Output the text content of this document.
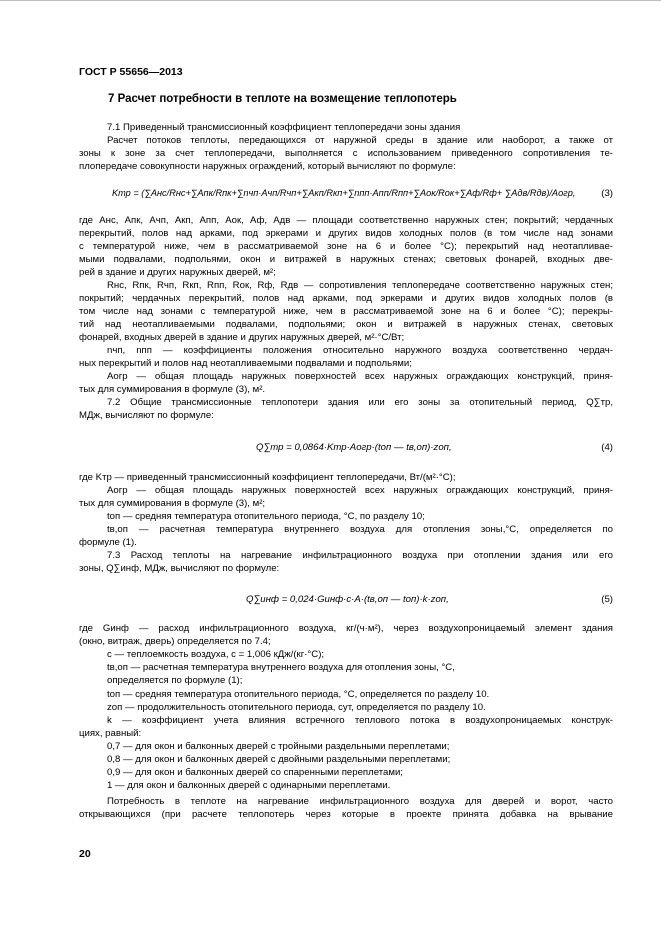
ГОСТ Р 55656—2013
7 Расчет потребности в теплоте на возмещение теплопотерь
7.1 Приведенный трансмиссионный коэффициент теплопередачи зоны здания
Расчет потоков теплоты, передающихся от наружной среды в здание или наоборот, а также от
зоны к зоне за счет теплопередачи, выполняется с использованием приведенного сопротивления те-
плопередаче совокупности наружных ограждений, который вычисляют по формуле:
Kтр = (∑Aнс/Rнс+∑Aпк/Rпк+∑nчп·Aчп/Rчп+∑Aкп/Rкп+∑nпп·Aпп/Rпп+∑Aок/Rок+∑Aф/Rф+ ∑Aдв/Rдв)/Aогр,	(3)
где Aнс, Aпк, Aчп, Aкп, Aпп, Aок, Aф, Aдв — площади соответственно наружных стен; покрытий; чердачных
перекрытий, полов над арками, под эркерами и других видов холодных полов (в том числе над зонами
с температурой ниже, чем в рассматриваемой зоне на 6 и более °С); перекрытий над неотапливае-
мыми подвалами, подпольями, окон и витражей в наружных стенах; световых фонарей, входных две-
рей в здание и других наружных дверей, м²;
Rнс, Rпк, Rчп, Rкп, Rпп, Rок, Rф, Rдв — сопротивления теплопередаче соответственно наружных стен;
покрытий; чердачных перекрытий, полов над арками, под эркерами и других видов холодных полов (в
том числе над зонами с температурой ниже, чем в рассматриваемой зоне на 6 и более °С); перекры-
тий над неотапливаемыми подвалами, подпольями; окон и витражей в наружных стенах, световых
фонарей, входных дверей в здание и других наружных дверей, м²·°С/Вт;
nчп, nпп — коэффициенты положения относительно наружного воздуха соответственно чердач-
ных перекрытий и полов над неотапливаемыми подвалами и подпольями;
Aогр — общая площадь наружных поверхностей всех наружных ограждающих конструкций, приня-
тых для суммирования в формуле (3), м².
7.2 Общие трансмиссионные теплопотери здания или его зоны за отопительный период, Q∑тр,
МДж, вычисляют по формуле:
Q∑тр = 0,0864·Kтр·Aогр·(tоп — tв,оп)·zоп,	(4)
где Kтр — приведенный трансмиссионный коэффициент теплопередачи, Вт/(м²·°С);
Aогр — общая площадь наружных поверхностей всех наружных ограждающих конструкций, приня-
тых для суммирования в формуле (3), м²;
tоп — средняя температура отопительного периода, °С, по разделу 10;
tв,оп — расчетная температура внутреннего воздуха для отопления зоны,°С, определяется по
формуле (1).
7.3 Расход теплоты на нагревание инфильтрационного воздуха при отоплении здания или его
зоны, Q∑инф, МДж, вычисляют по формуле:
Q∑инф = 0,024·Gинф·c·A·(tв,оп — tоп)·k·zоп,	(5)
где Gинф — расход инфильтрационного воздуха, кг/(ч·м²), через воздухопроницаемый элемент здания
(окно, витраж, дверь) определяется по 7.4;
c — теплоемкость воздуха, c = 1,006 кДж/(кг·°С);
tв,оп — расчетная температура внутреннего воздуха для отопления зоны, °С,
определяется по формуле (1);
tоп — средняя температура отопительного периода, °С, определяется по разделу 10.
zоп — продолжительность отопительного периода, сут, определяется по разделу 10.
k — коэффициент учета влияния встречного теплового потока в воздухопроницаемых конструк-
циях, равный:
0,7 — для окон и балконных дверей с тройными раздельными переплетами;
0,8 — для окон и балконных дверей с двойными раздельными переплетами;
0,9 — для окон и балконных дверей со спаренными переплетами;
1 — для окон и балконных дверей с одинарными переплетами.
Потребность в теплоте на нагревание инфильтрационного воздуха для дверей и ворот, часто
открывающихся (при расчете теплопотерь через которые в проекте принята добавка на врывание
20
